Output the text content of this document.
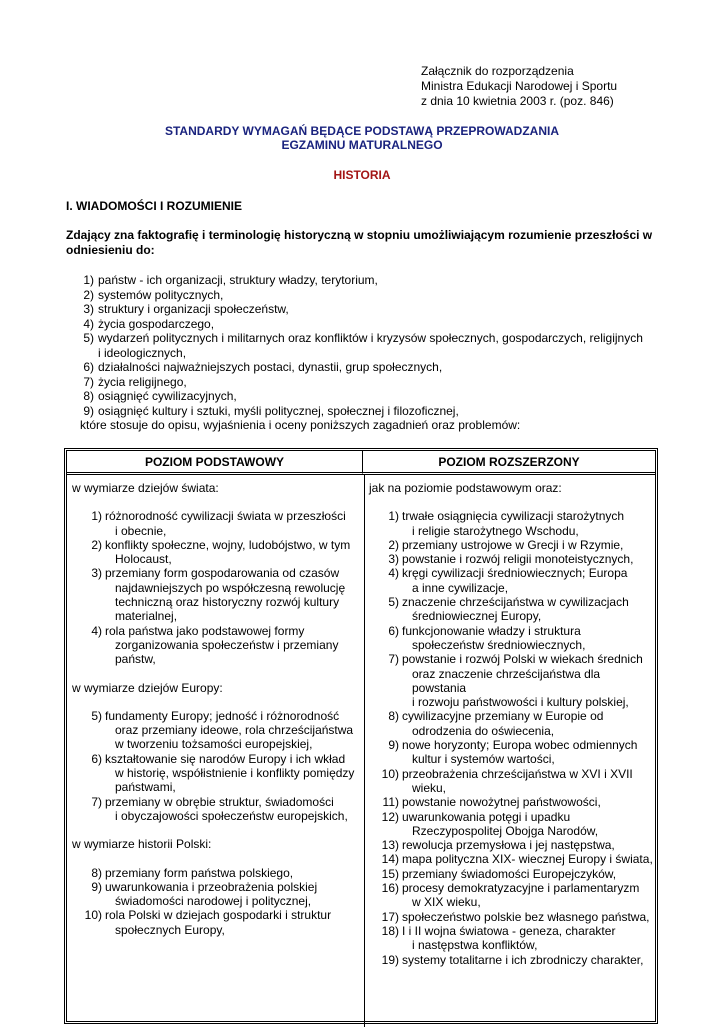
Załącznik do rozporządzenia
Ministra Edukacji Narodowej i Sportu
z dnia 10 kwietnia 2003 r. (poz. 846)
STANDARDY WYMAGAŃ BĘDĄCE PODSTAWĄ PRZEPROWADZANIA
EGZAMINU MATURALNEGO
HISTORIA
I. WIADOMOŚCI I ROZUMIENIE
Zdający zna faktografię i terminologię historyczną w stopniu umożliwiającym rozumienie przeszłości w odniesieniu do:
1) państw - ich organizacji, struktury władzy, terytorium,
2) systemów politycznych,
3) struktury i organizacji społeczeństw,
4) życia gospodarczego,
5) wydarzeń politycznych i militarnych oraz konfliktów i kryzysów społecznych, gospodarczych, religijnych
i ideologicznych,
6) działalności najważniejszych postaci, dynastii, grup społecznych,
7) życia religijnego,
8) osiągnięć cywilizacyjnych,
9) osiągnięć kultury i sztuki, myśli politycznej, społecznej i filozoficznej,
które stosuje do opisu, wyjaśnienia i oceny poniższych zagadnień oraz problemów:
POZIOM PODSTAWOWY	POZIOM ROZSZERZONY
w wymiarze dziejów świata:
1) różnorodność cywilizacji świata w przeszłości
i obecnie,
2) konflikty społeczne, wojny, ludobójstwo, w tym
Holocaust,
3) przemiany form gospodarowania od czasów
najdawniejszych po współczesną rewolucję
techniczną oraz historyczny rozwój kultury
materialnej,
4) rola państwa jako podstawowej formy
zorganizowania społeczeństw i przemiany
państw,
w wymiarze dziejów Europy:
5) fundamenty Europy; jedność i różnorodność
oraz przemiany ideowe, rola chrześcijaństwa
w tworzeniu tożsamości europejskiej,
6) kształtowanie się narodów Europy i ich wkład
w historię, współistnienie i konflikty pomiędzy
państwami,
7) przemiany w obrębie struktur, świadomości
i obyczajowości społeczeństw europejskich,
w wymiarze historii Polski:
8) przemiany form państwa polskiego,
9) uwarunkowania i przeobrażenia polskiej
świadomości narodowej i politycznej,
10) rola Polski w dziejach gospodarki i struktur
społecznych Europy,
jak na poziomie podstawowym oraz:
1) trwałe osiągnięcia cywilizacji starożytnych
i religie starożytnego Wschodu,
2) przemiany ustrojowe w Grecji i w Rzymie,
3) powstanie i rozwój religii monoteistycznych,
4) kręgi cywilizacji średniowiecznych; Europa
a inne cywilizacje,
5) znaczenie chrześcijaństwa w cywilizacjach
średniowiecznej Europy,
6) funkcjonowanie władzy i struktura
społeczeństw średniowiecznych,
7) powstanie i rozwój Polski w wiekach średnich
oraz znaczenie chrześcijaństwa dla powstania
i rozwoju państwowości i kultury polskiej,
8) cywilizacyjne przemiany w Europie od
odrodzenia do oświecenia,
9) nowe horyzonty; Europa wobec odmiennych
kultur i systemów wartości,
10) przeobrażenia chrześcijaństwa w XVI i XVII
wieku,
11) powstanie nowożytnej państwowości,
12) uwarunkowania potęgi i upadku
Rzeczypospolitej Obojga Narodów,
13) rewolucja przemysłowa i jej następstwa,
14) mapa polityczna XIX- wiecznej Europy i świata,
15) przemiany świadomości Europejczyków,
16) procesy demokratyzacyjne i parlamentaryzm
w XIX wieku,
17) społeczeństwo polskie bez własnego państwa,
18) I i II wojna światowa - geneza, charakter
i następstwa konfliktów,
19) systemy totalitarne i ich zbrodniczy charakter,
